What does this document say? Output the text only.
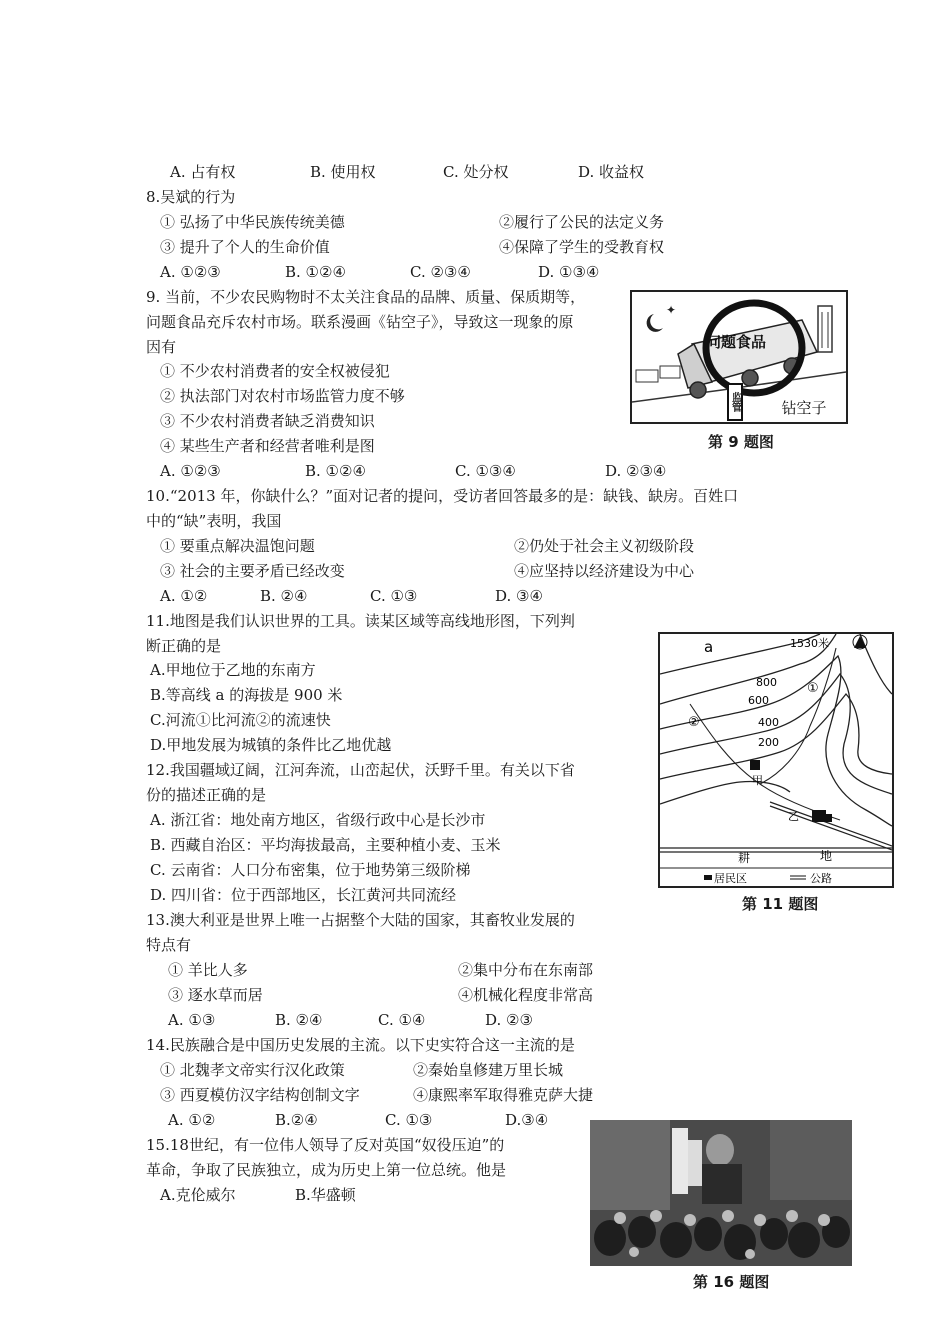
A. 占有权	B. 使用权	C. 处分权	D. 收益权
8.吴斌的行为
① 弘扬了中华民族传统美德	②履行了公民的法定义务
③ 提升了个人的生命价值	④保障了学生的受教育权
A. ①②③	B. ①②④	C. ②③④	D. ①③④
9. 当前，不少农民购物时不太关注食品的品牌、质量、保质期等，
问题食品充斥农村市场。联系漫画《钻空子》，导致这一现象的原
因有
① 不少农村消费者的安全权被侵犯
② 执法部门对农村市场监管力度不够
③ 不少农村消费者缺乏消费知识
④ 某些生产者和经营者唯利是图
A. ①②③	B. ①②④	C. ①③④	D. ②③④
✦
问题食品
监管	钻空子
第 9 题图
10.“2013 年，你缺什么？”面对记者的提问，受访者回答最多的是：缺钱、缺房。百姓口
中的“缺”表明，我国
① 要重点解决温饱问题	②仍处于社会主义初级阶段
③ 社会的主要矛盾已经改变	④应坚持以经济建设为中心
A. ①②	B. ②④	C. ①③	D. ③④
11.地图是我们认识世界的工具。读某区域等高线地形图，下列判
断正确的是
A.甲地位于乙地的东南方
B.等高线 a 的海拔是 900 米
C.河流①比河流②的流速快
D.甲地发展为城镇的条件比乙地优越
a	1530米
800
600
400
200
①
②
甲
乙
耕	地
居民区	公路
第 11 题图
12.我国疆域辽阔，江河奔流，山峦起伏，沃野千里。有关以下省
份的描述正确的是
A. 浙江省：地处南方地区，省级行政中心是长沙市
B. 西藏自治区：平均海拔最高，主要种植小麦、玉米
C. 云南省：人口分布密集，位于地势第三级阶梯
D. 四川省：位于西部地区，长江黄河共同流经
13.澳大利亚是世界上唯一占据整个大陆的国家，其畜牧业发展的
特点有
① 羊比人多	②集中分布在东南部
③ 逐水草而居	④机械化程度非常高
A. ①③	B. ②④	C. ①④	D. ②③
14.民族融合是中国历史发展的主流。以下史实符合这一主流的是
① 北魏孝文帝实行汉化政策	②秦始皇修建万里长城
③ 西夏模仿汉字结构创制文字	④康熙率军取得雅克萨大捷
A. ①②	B.②④	C. ①③	D.③④
15.18世纪，有一位伟人领导了反对英国“奴役压迫”的
革命，争取了民族独立，成为历史上第一位总统。他是
A.克伦威尔	B.华盛顿
第 16 题图
